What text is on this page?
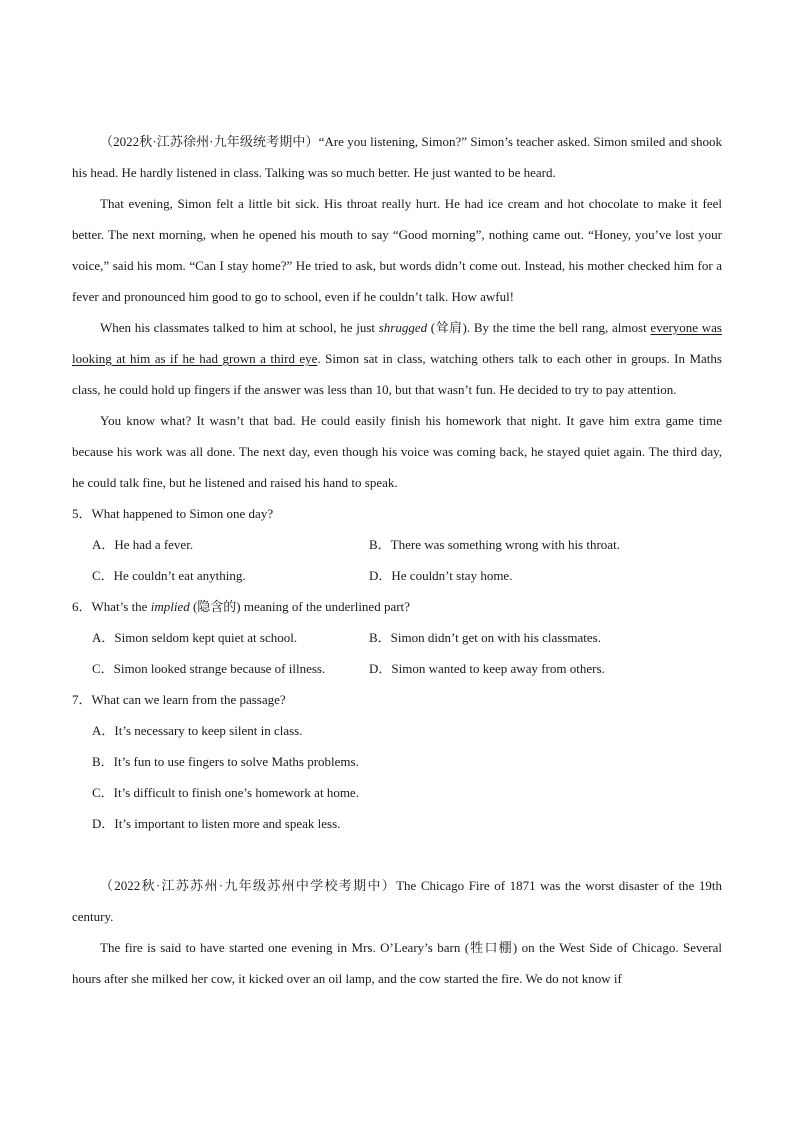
（2022秋·江苏徐州·九年级统考期中）“Are you listening, Simon?” Simon’s teacher asked. Simon smiled and shook his head. He hardly listened in class. Talking was so much better. He just wanted to be heard.

That evening, Simon felt a little bit sick. His throat really hurt. He had ice cream and hot chocolate to make it feel better. The next morning, when he opened his mouth to say “Good morning”, nothing came out. “Honey, you’ve lost your voice,” said his mom. “Can I stay home?” He tried to ask, but words didn’t come out. Instead, his mother checked him for a fever and pronounced him good to go to school, even if he couldn’t talk. How awful!

When his classmates talked to him at school, he just shrugged (耸肩). By the time the bell rang, almost everyone was looking at him as if he had grown a third eye. Simon sat in class, watching others talk to each other in groups. In Maths class, he could hold up fingers if the answer was less than 10, but that wasn’t fun. He decided to try to pay attention.

You know what? It wasn’t that bad. He could easily finish his homework that night. It gave him extra game time because his work was all done. The next day, even though his voice was coming back, he stayed quiet again. The third day, he could talk fine, but he listened and raised his hand to speak.

5．What happened to Simon one day?

A．He had a fever.	B．There was something wrong with his throat.
C．He couldn’t eat anything.	D．He couldn’t stay home.

6．What’s the implied (隐含的) meaning of the underlined part?

A．Simon seldom kept quiet at school.	B．Simon didn’t get on with his classmates.
C．Simon looked strange because of illness.	D．Simon wanted to keep away from others.

7．What can we learn from the passage?

A．It’s necessary to keep silent in class.
B．It’s fun to use fingers to solve Maths problems.
C．It’s difficult to finish one’s homework at home.
D．It’s important to listen more and speak less.

（2022秋·江苏苏州·九年级苏州中学校考期中）The Chicago Fire of 1871 was the worst disaster of the 19th century.

The fire is said to have started one evening in Mrs. O’Leary’s barn (牲口棚) on the West Side of Chicago. Several hours after she milked her cow, it kicked over an oil lamp, and the cow started the fire. We do not know if
